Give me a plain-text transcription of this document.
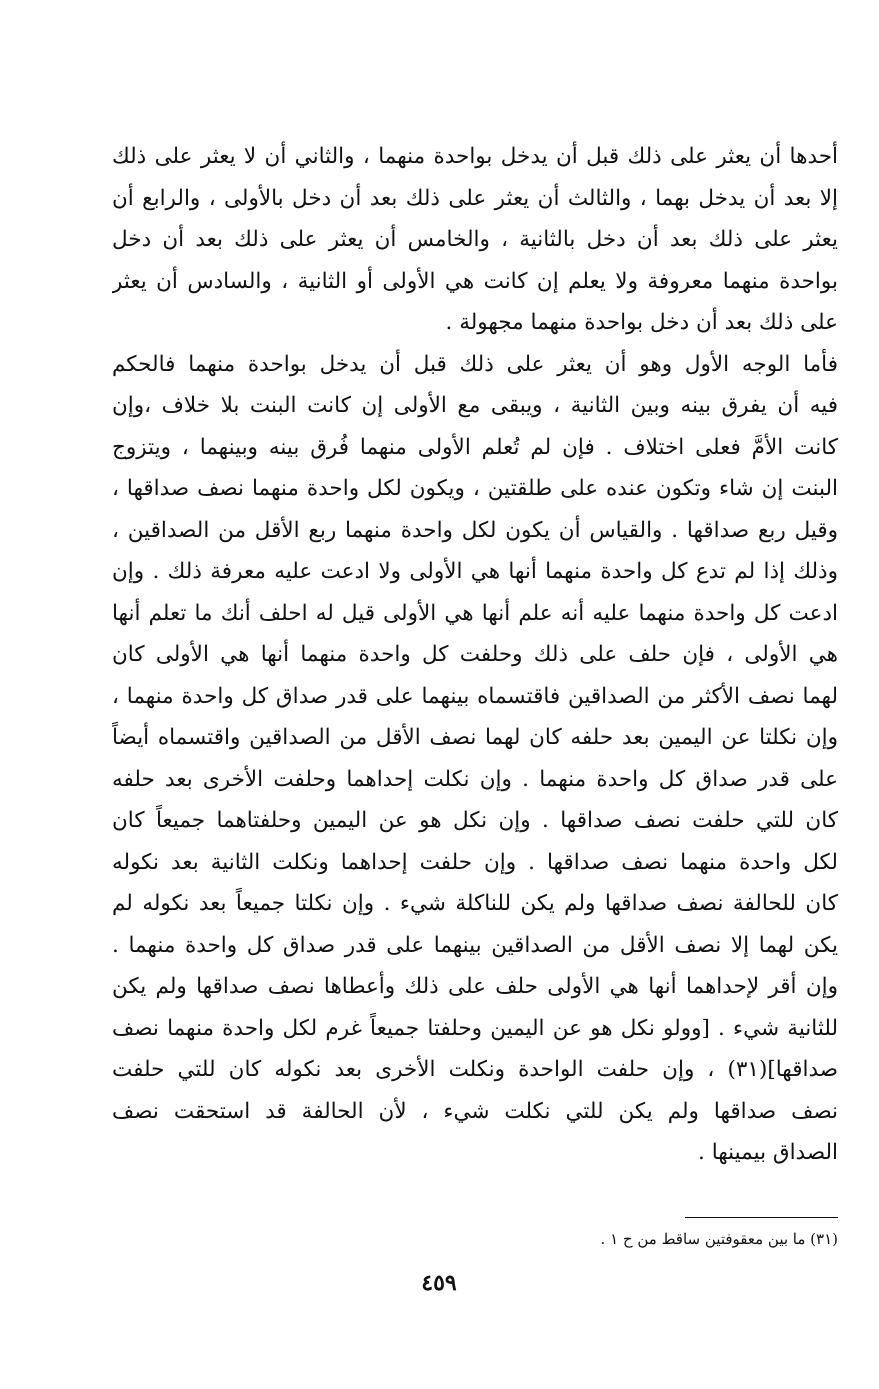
أحدها أن يعثر على ذلك قبل أن يدخل بواحدة منهما ، والثاني أن لا يعثر على ذلك
إلا بعد أن يدخل بهما ، والثالث أن يعثر على ذلك بعد أن دخل بالأولى ، والرابع أن
يعثر على ذلك بعد أن دخل بالثانية ، والخامس أن يعثر على ذلك بعد أن دخل
بواحدة منهما معروفة ولا يعلم إن كانت هي الأولى أو الثانية ، والسادس أن يعثر
على ذلك بعد أن دخل بواحدة منهما مجهولة .
فأما الوجه الأول وهو أن يعثر على ذلك قبل أن يدخل بواحدة منهما فالحكم
فيه أن يفرق بينه وبين الثانية ، ويبقى مع الأولى إن كانت البنت بلا خلاف ،وإن
كانت الأمَّ فعلى اختلاف . فإن لم تُعلم الأولى منهما فُرق بينه وبينهما ، ويتزوج
البنت إن شاء وتكون عنده على طلقتين ، ويكون لكل واحدة منهما نصف صداقها ،
وقيل ربع صداقها . والقياس أن يكون لكل واحدة منهما ربع الأقل من الصداقين ،
وذلك إذا لم تدع كل واحدة منهما أنها هي الأولى ولا ادعت عليه معرفة ذلك . وإن
ادعت كل واحدة منهما عليه أنه علم أنها هي الأولى قيل له احلف أنك ما تعلم أنها
هي الأولى ، فإن حلف على ذلك وحلفت كل واحدة منهما أنها هي الأولى كان
لهما نصف الأكثر من الصداقين فاقتسماه بينهما على قدر صداق كل واحدة منهما ،
وإن نكلتا عن اليمين بعد حلفه كان لهما نصف الأقل من الصداقين واقتسماه أيضاً
على قدر صداق كل واحدة منهما . وإن نكلت إحداهما وحلفت الأخرى بعد حلفه
كان للتي حلفت نصف صداقها . وإن نكل هو عن اليمين وحلفتاهما جميعاً كان
لكل واحدة منهما نصف صداقها . وإن حلفت إحداهما ونكلت الثانية بعد نكوله
كان للحالفة نصف صداقها ولم يكن للناكلة شيء . وإن نكلتا جميعاً بعد نكوله لم
يكن لهما إلا نصف الأقل من الصداقين بينهما على قدر صداق كل واحدة منهما .
وإن أقر لإحداهما أنها هي الأولى حلف على ذلك وأعطاها نصف صداقها ولم يكن
للثانية شيء . [وولو نكل هو عن اليمين وحلفتا جميعاً غرم لكل واحدة منهما نصف
صداقها](٣١) ، وإن حلفت الواحدة ونكلت الأخرى بعد نكوله كان للتي حلفت
نصف صداقها ولم يكن للتي نكلت شيء ، لأن الحالفة قد استحقت نصف
الصداق بيمينها .
(٣١) ما بين معقوفتين ساقط من ح ١ .
٤٥٩
